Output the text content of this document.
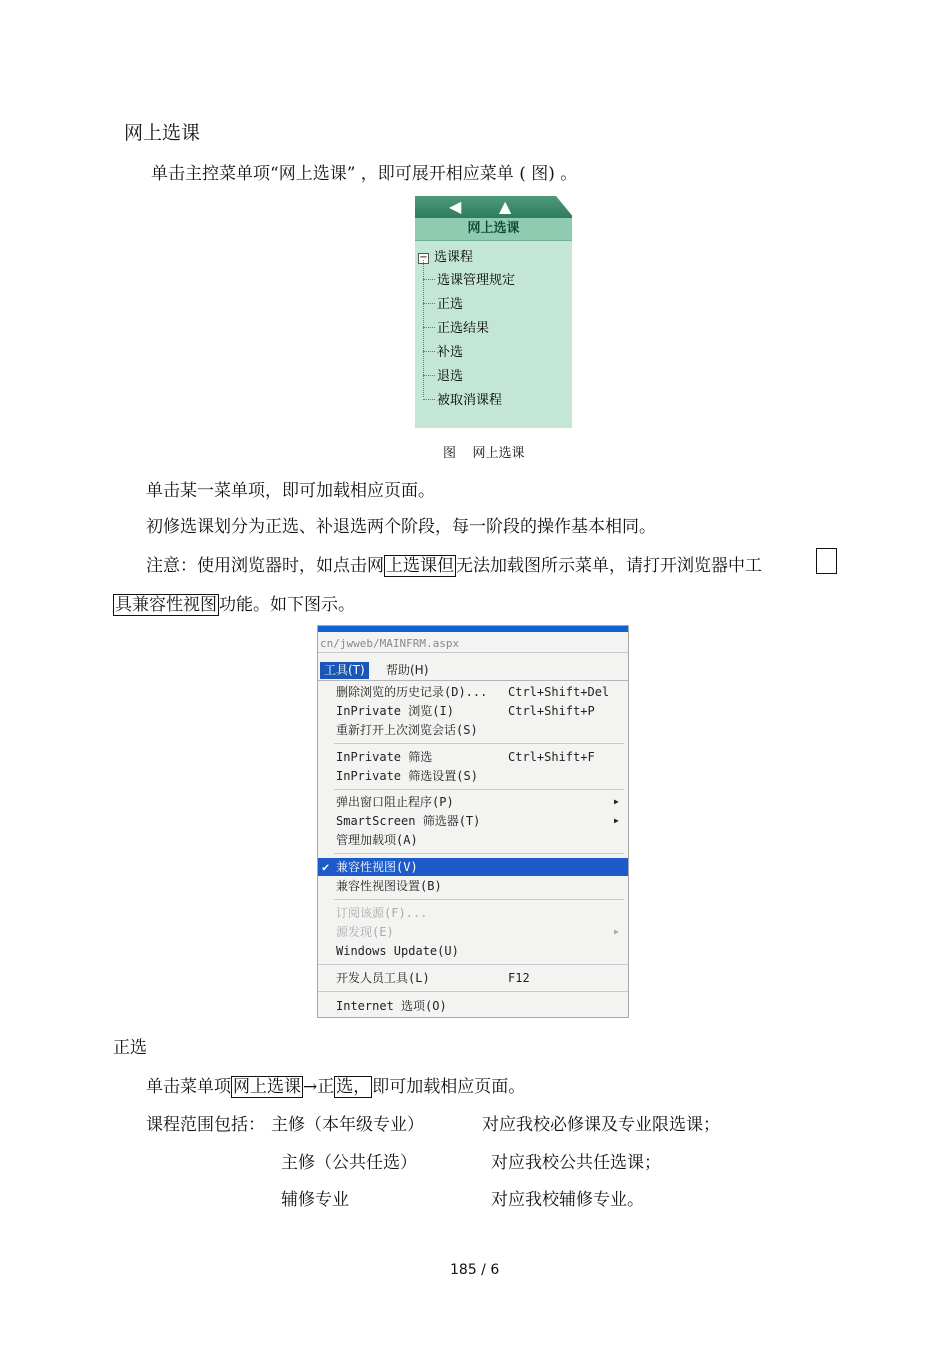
网上选课
单击主控菜单项“网上选课” ，即可展开相应菜单 ( 图) 。
◀ ▲
网上选课
− 选课程
选课管理规定
正选
正选结果
补选
退选
被取消课程
图 网上选课
单击某一菜单项，即可加载相应页面。
初修选课划分为正选、补退选两个阶段，每一阶段的操作基本相同。
注意：使用浏览器时，如点击网 上选课但 无法加载图所示菜单，请打开浏览器中工
具兼容性视图 功能。如下图示。
cn/jwweb/MAINFRM.aspx
工具(T)	帮助(H)
删除浏览的历史记录(D)... Ctrl+Shift+Del
InPrivate 浏览(I)	Ctrl+Shift+P
重新打开上次浏览会话(S)
InPrivate 筛选	Ctrl+Shift+F
InPrivate 筛选设置(S)
弹出窗口阻止程序(P)	▶
SmartScreen 筛选器(T)	▶
管理加载项(A)
✔ 兼容性视图(V)
兼容性视图设置(B)
订阅该源(F)...
源发现(E)	▶
Windows Update(U)
开发人员工具(L)	F12
Internet 选项(O)
正选
单击菜单项 网上选课 →正 选， 即可加载相应页面。
课程范围包括： 主修（本年级专业）	对应我校必修课及专业限选课；
主修（公共任选）	对应我校公共任选课；
辅修专业	对应我校辅修专业。
185 / 6
